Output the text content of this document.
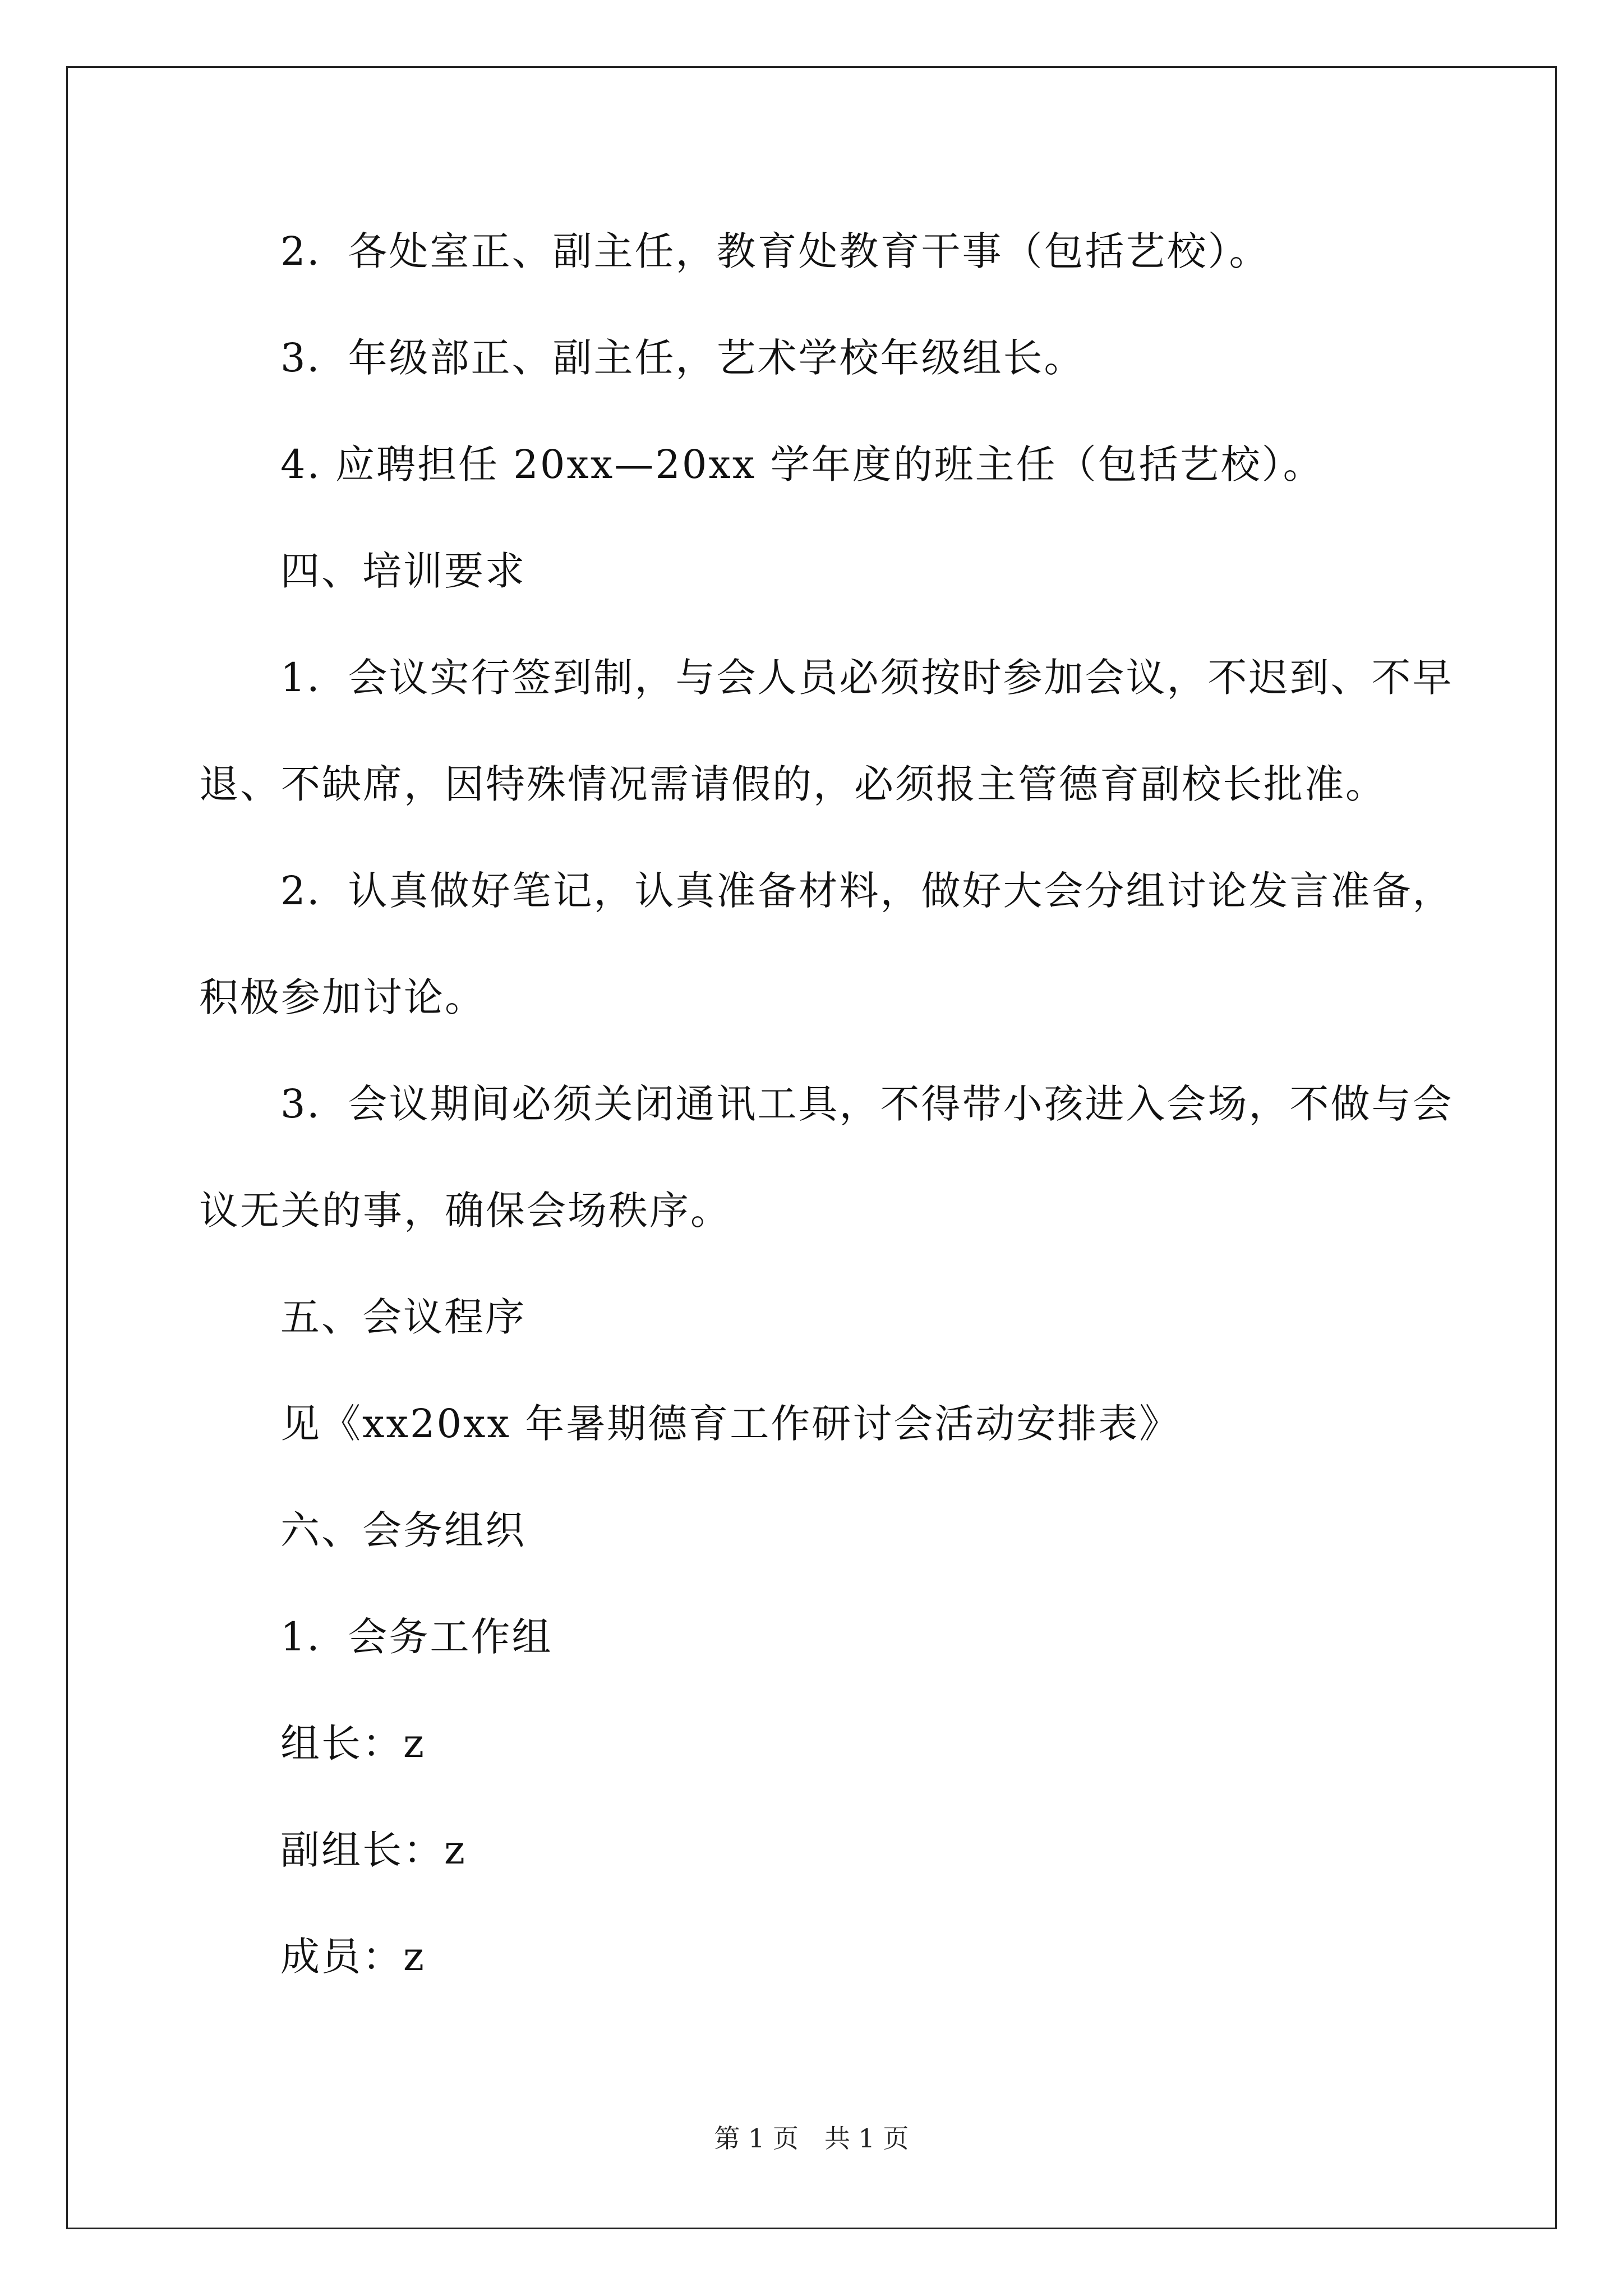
2．各处室正、副主任，教育处教育干事（包括艺校）。
3．年级部正、副主任，艺术学校年级组长。
4. 应聘担任 20xx—20xx 学年度的班主任（包括艺校）。
四、培训要求
1．会议实行签到制，与会人员必须按时参加会议，不迟到、不早
退、不缺席，因特殊情况需请假的，必须报主管德育副校长批准。
2．认真做好笔记，认真准备材料，做好大会分组讨论发言准备，
积极参加讨论。
3．会议期间必须关闭通讯工具，不得带小孩进入会场，不做与会
议无关的事，确保会场秩序。
五、会议程序
见《xx20xx 年暑期德育工作研讨会活动安排表》
六、会务组织
1．会务工作组
组长：z
副组长：z
成员：z
第 1 页　共 1 页
